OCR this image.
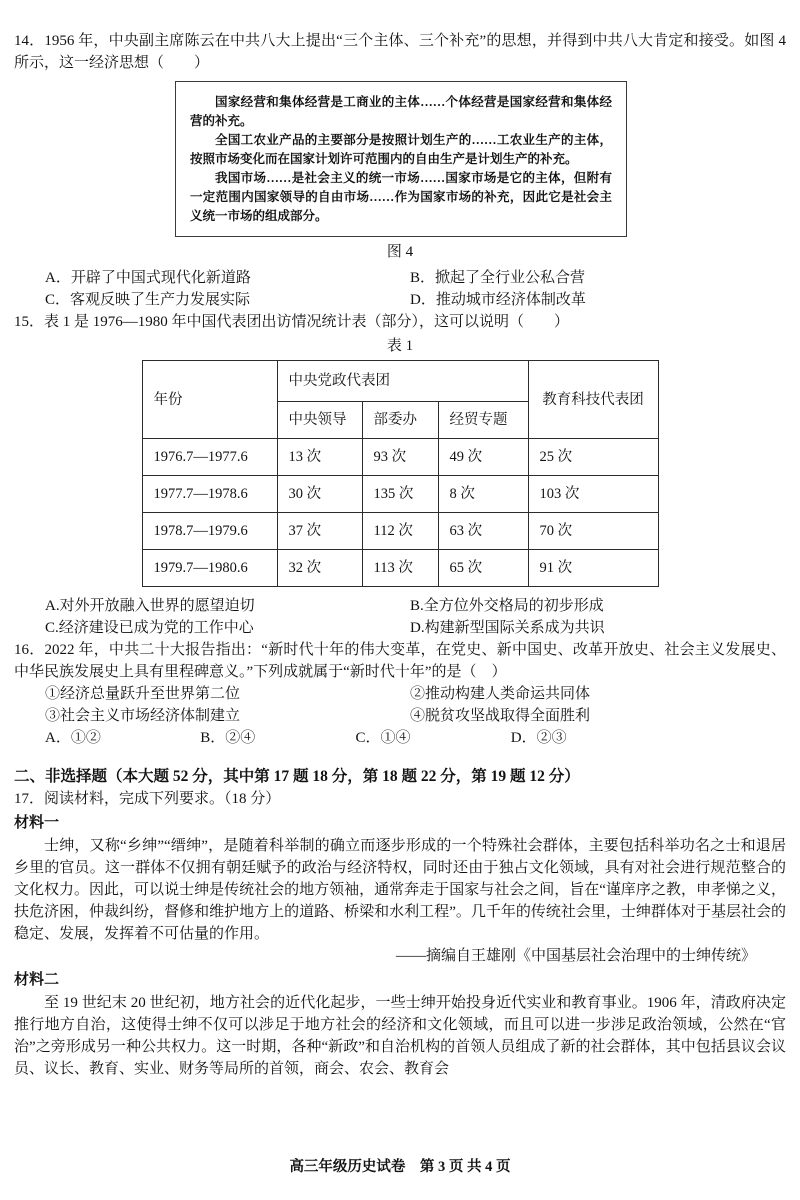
14．1956 年，中央副主席陈云在中共八大上提出“三个主体、三个补充”的思想，并得到中共八大肯定和接受。如图 4 所示，这一经济思想（　　）

国家经营和集体经营是工商业的主体……个体经营是国家经营和集体经营的补充。

全国工农业产品的主要部分是按照计划生产的……工农业生产的主体，按照市场变化而在国家计划许可范围内的自由生产是计划生产的补充。

我国市场……是社会主义的统一市场……国家市场是它的主体，但附有一定范围内国家领导的自由市场……作为国家市场的补充，因此它是社会主义统一市场的组成部分。

图 4
A．开辟了中国式现代化新道路	B．掀起了全行业公私合营
C．客观反映了生产力发展实际	D．推动城市经济体制改革

15．表 1 是 1976—1980 年中国代表团出访情况统计表（部分），这可以说明（　　）

表 1
年份	中央党政代表团			教育科技代表团
	中央领导	部委办	经贸专题	
1976.7—1977.6	13 次	93 次	49 次	25 次
1977.7—1978.6	30 次	135 次	8 次	103 次
1978.7—1979.6	37 次	112 次	63 次	70 次
1979.7—1980.6	32 次	113 次	65 次	91 次
A.对外开放融入世界的愿望迫切	B.全方位外交格局的初步形成
C.经济建设已成为党的工作中心	D.构建新型国际关系成为共识

16．2022 年，中共二十大报告指出：“新时代十年的伟大变革，在党史、新中国史、改革开放史、社会主义发展史、中华民族发展史上具有里程碑意义。”下列成就属于“新时代十年”的是（　）

①经济总量跃升至世界第二位	②推动构建人类命运共同体
③社会主义市场经济体制建立	④脱贫攻坚战取得全面胜利
A．①②	B．②④	C．①④	D．②③
二、非选择题（本大题 52 分，其中第 17 题 18 分，第 18 题 22 分，第 19 题 12 分）

17．阅读材料，完成下列要求。（18 分）

材料一

士绅，又称“乡绅”“缙绅”，是随着科举制的确立而逐步形成的一个特殊社会群体，主要包括科举功名之士和退居乡里的官员。这一群体不仅拥有朝廷赋予的政治与经济特权，同时还由于独占文化领域，具有对社会进行规范整合的文化权力。因此，可以说士绅是传统社会的地方领袖，通常奔走于国家与社会之间，旨在“谨庠序之教，申孝悌之义，扶危济困，仲裁纠纷，督修和维护地方上的道路、桥梁和水利工程”。几千年的传统社会里，士绅群体对于基层社会的稳定、发展，发挥着不可估量的作用。

——摘编自王雄刚《中国基层社会治理中的士绅传统》

材料二

至 19 世纪末 20 世纪初，地方社会的近代化起步，一些士绅开始投身近代实业和教育事业。1906 年，清政府决定推行地方自治，这使得士绅不仅可以涉足于地方社会的经济和文化领域，而且可以进一步涉足政治领域，公然在“官治”之旁形成另一种公共权力。这一时期，各种“新政”和自治机构的首领人员组成了新的社会群体，其中包括县议会议员、议长、教育、实业、财务等局所的首领，商会、农会、教育会

高三年级历史试卷　第 3 页 共 4 页
